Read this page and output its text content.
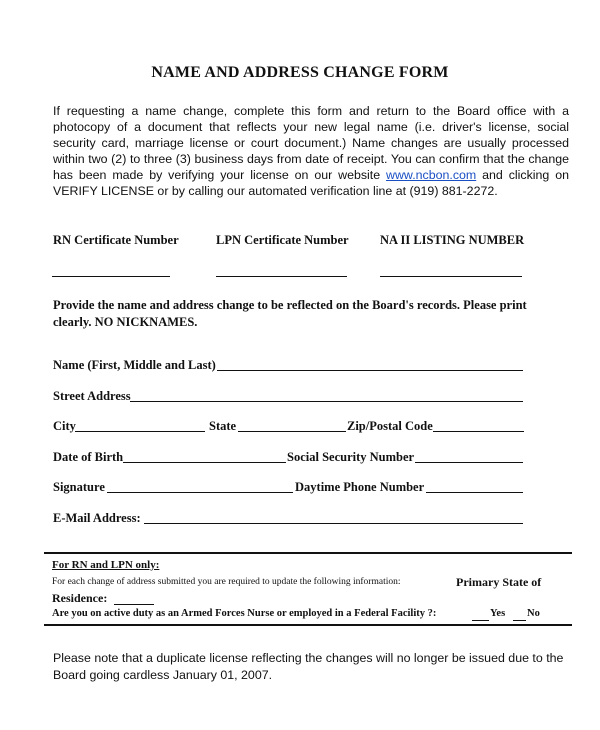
NAME AND ADDRESS CHANGE FORM

If requesting a name change, complete this form and return to the Board office with a photocopy of a document that reflects your new legal name (i.e. driver's license, social security card, marriage license or court document.) Name changes are usually processed within two (2) to three (3) business days from date of receipt. You can confirm that the change has been made by verifying your license on our website www.ncbon.com and clicking on VERIFY LICENSE or by calling our automated verification line at (919) 881-2272.

RN Certificate Number	LPN Certificate Number	NA II LISTING NUMBER
Provide the name and address change to be reflected on the Board's records. Please print clearly. NO NICKNAMES.
Name (First, Middle and Last)
Street Address
City	State	Zip/Postal Code
Date of Birth	Social Security Number
Signature	Daytime Phone Number
E-Mail Address:
For RN and LPN only:
For each change of address submitted you are required to update the following information:	Primary State of
Residence:
Are you on active duty as an Armed Forces Nurse or employed in a Federal Facility ?:	Yes No
Please note that a duplicate license reflecting the changes will no longer be issued due to the Board going cardless January 01, 2007.
